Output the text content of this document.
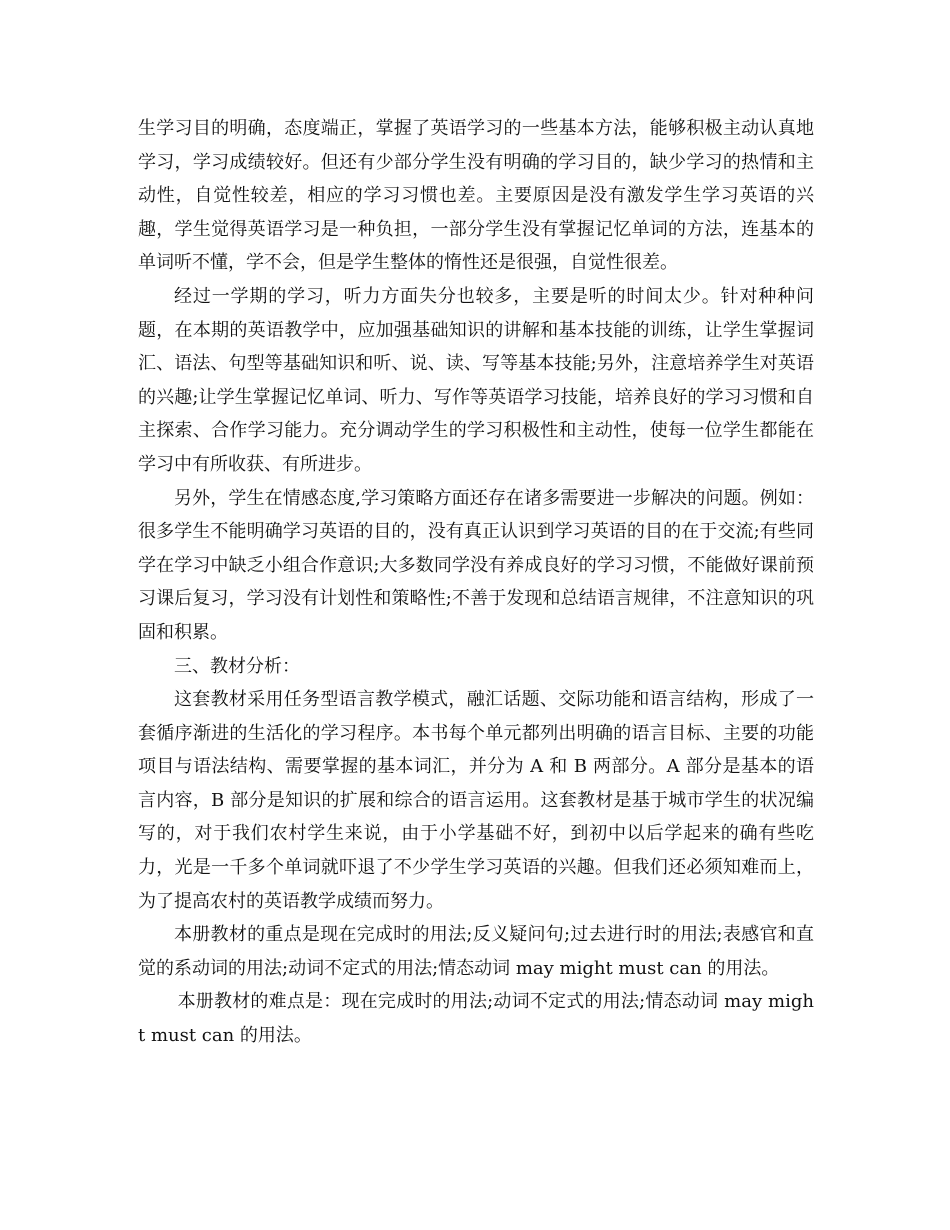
生学习目的明确，态度端正，掌握了英语学习的一些基本方法，能够积极主动认真地学习，学习成绩较好。但还有少部分学生没有明确的学习目的，缺少学习的热情和主动性，自觉性较差，相应的学习习惯也差。主要原因是没有激发学生学习英语的兴趣，学生觉得英语学习是一种负担，一部分学生没有掌握记忆单词的方法，连基本的单词听不懂，学不会，但是学生整体的惰性还是很强，自觉性很差。

经过一学期的学习，听力方面失分也较多，主要是听的时间太少。针对种种问题，在本期的英语教学中，应加强基础知识的讲解和基本技能的训练，让学生掌握词汇、语法、句型等基础知识和听、说、读、写等基本技能;另外，注意培养学生对英语的兴趣;让学生掌握记忆单词、听力、写作等英语学习技能，培养良好的学习习惯和自主探索、合作学习能力。充分调动学生的学习积极性和主动性，使每一位学生都能在学习中有所收获、有所进步。

另外，学生在情感态度,学习策略方面还存在诸多需要进一步解决的问题。例如：很多学生不能明确学习英语的目的，没有真正认识到学习英语的目的在于交流;有些同学在学习中缺乏小组合作意识;大多数同学没有养成良好的学习习惯，不能做好课前预习课后复习，学习没有计划性和策略性;不善于发现和总结语言规律，不注意知识的巩固和积累。

三、教材分析：

这套教材采用任务型语言教学模式，融汇话题、交际功能和语言结构，形成了一套循序渐进的生活化的学习程序。本书每个单元都列出明确的语言目标、主要的功能项目与语法结构、需要掌握的基本词汇，并分为 A 和 B 两部分。A 部分是基本的语言内容，B 部分是知识的扩展和综合的语言运用。这套教材是基于城市学生的状况编写的，对于我们农村学生来说，由于小学基础不好，到初中以后学起来的确有些吃力，光是一千多个单词就吓退了不少学生学习英语的兴趣。但我们还必须知难而上，为了提高农村的英语教学成绩而努力。

本册教材的重点是现在完成时的用法;反义疑问句;过去进行时的用法;表感官和直觉的系动词的用法;动词不定式的用法;情态动词 may might must can 的用法。

本册教材的难点是：现在完成时的用法;动词不定式的用法;情态动词 may might must can 的用法。
